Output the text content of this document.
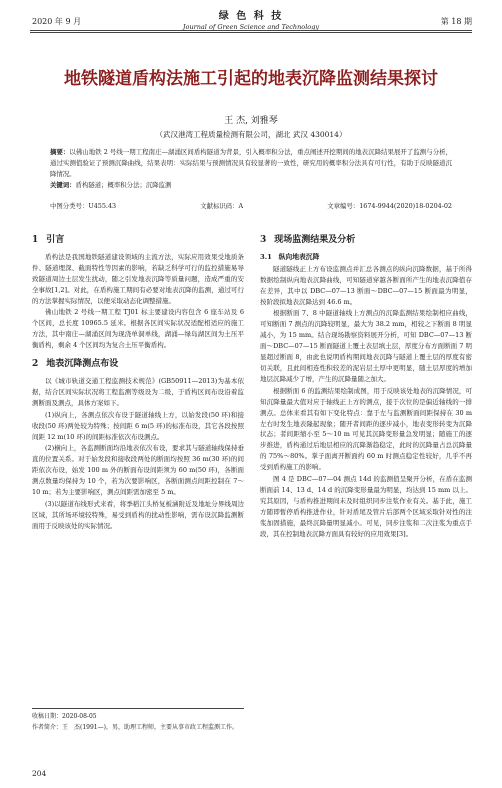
2020 年 9 月	绿 色 科 技
Journal of Green Science and Technology
第 18 期
地铁隧道盾构法施工引起的地表沉降监测结果探讨
王 杰, 刘雅琴
（武汉港湾工程质量检测有限公司，湖北 武汉 430014）
摘要：以佛山地铁 2 号线一期工程南庄—湖涌区间盾构隧道为背景，引入概率积分法，重点阐述开挖期间的地表沉降结果展开了监测与分析，通过实测值验证了预测沉降曲线，结果表明：实际结果与预测情况具有较显著的一致性，研究用的概率积分法具有可行性，有助于反映隧道沉降情况。
关键词：盾构隧道；概率积分法；沉降监测
中图分类号：U455.43	文献标识码：A	文章编号：1674-9944(2020)18-0204-02
1 引言

盾构法是我国地铁隧道建设领域的主流方法，实际应用效果受地质条件、隧道埋深、截面特性等因素的影响，若缺乏科学可行的监控措施易导致隧道周边土层发生扰动，随之引发地表沉降等质量问题，造成严重的安全事故[1,2]。对此，在盾构施工期间有必要对地表沉降的监测，通过可行的方法掌握实际情况，以便采取动态化调整措施。

佛山地铁 2 号线一期工程 TJ01 标主要建设内容包含 6 座车站及 6 个区间，总长度 10965.5 延米。根据各区间实际状况适配相适应的施工方法，其中南庄—湖涌区间为现浇单洞单线，湖涌—绿岛湖区间为土压平衡盾构，剩余 4 个区间均为复合土压平衡盾构。

2 地表沉降测点布设

以《城市轨道交通工程监测技术规范》(GB50911—2013)为基本依据，结合区间实际状况将工程监测等级设为二级，于盾构区间布设沿着监测断面及测点，具体方案如下。

(1)纵向上，各测点依次布设于隧道轴线上方，以始发段(50 环)和接收段(50 环)两处较为特殊；按间距 6 m(5 环)的标准布设，其它各段按照间距 12 m(10 环)的间距标准依次布设测点。

(2)横向上，各监测断面均沿地表依次布设，要求其与隧道轴线保持垂直的位置关系。对于始发段和接收段两处的断面均按照 36 m(30 环)的间距依次布设，始发 100 m 外的断面布设间距须为 60 m(50 环)，各断面测点数量均保持为 10 个，若为次要影响区，各断面测点间距控制在 7～10 m；若为主要影响区，测点间距需加密至 5 m。

(3)以隧道布线形式来看，将季稻江头桥复板涵附近及地址分界线周边区域，其所场环境较特殊，易受到盾构的扰动性影响，需布设沉降监测断面用于反映该处的实际情况。

3 现场监测结果及分析
3.1　纵向地表沉降

隧道隧线正上方布设监测点并汇总各测点的纵向沉降数据，基于所得数据绘制纵向地表沉降曲线，可知隧道穿越各断面所产生的地表沉降值存在差异，其中以 DBC—07—13 断面～DBC—07—15 断面最为明显，按阶段拟地表沉降达到 46.6 m。

根据断面 7、8 中隧道轴线上方测点的沉降监测结果绘制相应曲线，可知断面 7 测点的沉降较明显，最大为 38.2 mm，相较之下断面 8 明显减小，为 15 mm。结合现场勘察资料展开分析，可知 DBC—07—13 断面～DBC—07—15 断面隧道上覆土表层填土层，厚度分布方面断面 7 明显超过断面 8，由此也说明盾构期间地表沉降与隧道上覆土层的厚度有密切关联，且此间相连性积较差的泥岩层土厚中更明显，随土层厚度的增加地层沉降减少了增，产生的沉降量随之加大。

根据断面 6 的监测结果绘制成图，用于反映该处地表的沉降情况，可知沉降量最大值对应于轴线正上方的测点，接于次位的是偏近轴线的一排测点。总体来看其有如下变化特点：靠于左与监测断面间距保持在 30 m 左右时发生地表隆起现象；随开者间距的逐步减小，地表变形转变为沉降状态；者间距缩小至 5～10 m 可见其沉降变形量急发明显；随施工的逐步推进，盾构通过后地层相应的沉降渐趋稳定，此时的沉降量占总沉降量的 75%～80%。掌子面离开断面约 60 m 时测点稳定性较好，几乎不再受到盾构施工的影响。

图 4 是 DBC—07—04 测点 14d 的监测值呈聚开分析，在盾在监测断面前 14、13 d、14 d 的沉降变形量最为明显，均达到 15 mm 以上。究其原因，与盾构推进期间未及时组织同步注浆作业有关。基于此，施工方随即暂停盾构推进作业，针对盾尾及管片后部两个区域采取针对性的注浆加固措施，最终沉降量明显减小。可见，同步注浆和二次注浆为重点手段，其在控制地表沉降方面具有较好的应用效果[3]。

收稿日期：2020-08-05
作者简介：王　杰(1991—)，男，助理工程师，主要从事市政工程监测工作。
204
